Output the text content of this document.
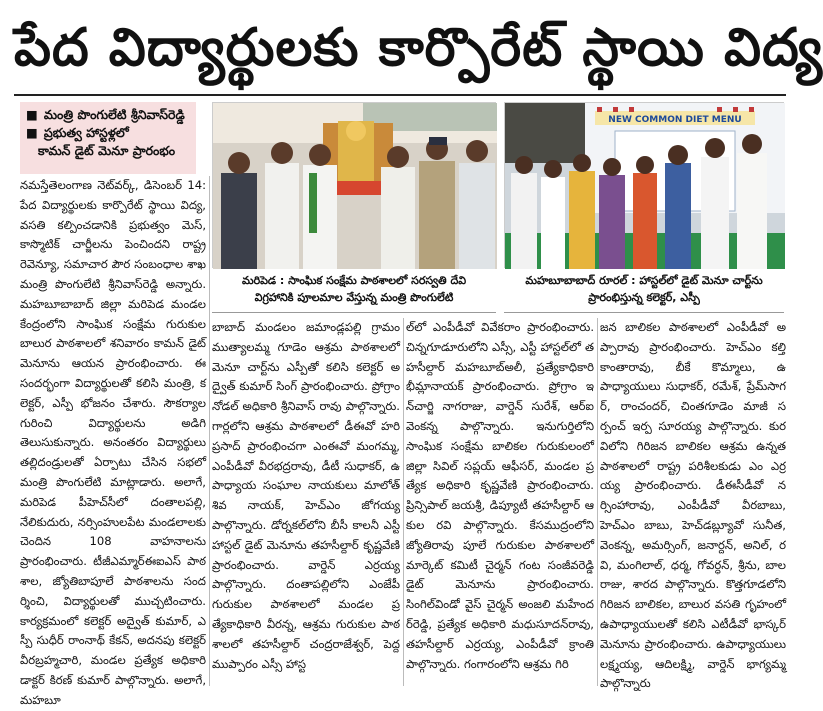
పేద విద్యార్థులకు కార్పొరేట్ స్థాయి విద్య
■ మంత్రి పొంగులేటి శ్రీనివాస్‌రెడ్డి
■ ప్రభుత్వ హాస్టళ్లలో
కామన్ డైట్ మెనూ ప్రారంభం
మరిపెడ : సాంఘిక సంక్షేమ పాఠశాలలో సరస్వతి దేవి
విగ్రహానికి పూలమాల వేస్తున్న మంత్రి పొంగులేటి
NEW COMMON DIET MENU
మహబూబాబాద్ రూరల్ : హాస్టల్‌లో డైట్ మెనూ చార్ట్‌ను
ప్రారంభిస్తున్న కలెక్టర్, ఎస్పీ
నమస్తేతెలంగాణ నెట్‌వర్క్, డిసెంబర్ 14: పేద విద్యార్థులకు కార్పొరేట్ స్థాయి విద్య, వసతి కల్పించడానికి ప్రభుత్వం మెస్, కాస్మొటిక్ చార్జీలను పెంచిందని రాష్ట్ర రెవెన్యూ, సమాచార పౌర సంబంధాల శాఖ మంత్రి పొంగులేటి శ్రీనివాస్‌రెడ్డి అన్నారు. మహబూబాబాద్ జిల్లా మరిపెడ మండల కేంద్రంలోని సాంఘిక సంక్షేమ గురుకుల బాలుర పాఠశాలలో శనివారం కామన్ డైట్ మెనూను ఆయన ప్రారంభించారు. ఈ సందర్భంగా విద్యార్థులతో కలిసి మంత్రి, కలెక్టర్, ఎస్పీ భోజనం చేశారు. సౌకర్యాల గురించి విద్యార్థులను అడిగి తెలుసుకున్నారు. అనంతరం విద్యార్థులు తల్లిదండ్రులతో ఏర్పాటు చేసిన సభలో మంత్రి పొంగులేటి మాట్లాడారు. అలాగే, మరిపెడ పీహెచ్‌సీలో దంతాలపల్లి, నేలికుదురు, నర్సింహులపేట మండలాలకు చెందిన 108 వాహనాలను ప్రారంభించారు. టీజీఎమ్మార్ఈఐఎస్ పాఠశాల, జ్యోతిబాపూలే పాఠశాలను సందర్శించి, విద్యార్థులతో ముచ్చటించారు. కార్యక్రమంలో కలెక్టర్ అద్వైత్ కుమార్, ఎస్పీ సుధీర్ రాంనాథ్ కేకన్, అదనపు కలెక్టర్ వీరబ్రహ్మచారి, మండల ప్రత్యేక అధికారి డాక్టర్ కిరణ్ కుమార్ పాల్గొన్నారు. అలాగే, మహబూ
బాబాద్ మండలం జమాండ్లపల్లి గ్రామం ముత్యాలమ్మ గూడెం ఆశ్రమ పాఠశాలలో మెనూ చార్ట్‌ను ఎస్పీతో కలిసి కలెక్టర్ అద్వైత్ కుమార్ సింగ్ ప్రారంభించారు. ప్రోగ్రాం నోడల్ అధికారి శ్రీనివాస్ రావు పాల్గొన్నారు. గార్లలోని ఆశ్రమ పాఠశాలలో డీఈవో హరి ప్రసాద్ ప్రారంభించగా ఎంఈవో మంగమ్మ, ఎంపీడీవో వీరభద్రరావు, డీటీ సుధాకర్, ఉపాధ్యాయ సంఘాల నాయకులు మాలోత్ శివ నాయక్, హెచ్‌ఎం జోగయ్య పాల్గొన్నారు. డోర్నకల్‌లోని బీసీ కాలనీ ఎస్టీ హాస్టల్ డైట్ మెనూను తహసీల్దార్ కృష్ణవేణి ప్రారంభించారు. వార్డెన్ ఎర్రయ్య పాల్గొన్నారు. దంతాపల్లిలోని ఎంజేపీ గురుకుల పాఠశాలలో మండల ప్రత్యేకాధికారి వీరన్న, ఆశ్రమ గురుకుల పాఠశాలలో తహసీల్దార్ చంద్రరాజేశ్వర్, పెద్దముప్పారం ఎస్సీ హాస్ట
ల్‌లో ఎంపీడీవో వివేకరాం ప్రారంభించారు. చిన్నగూడూరులోని ఎస్సీ, ఎస్టీ హాస్టల్‌లో తహసీల్దార్ మహబూబ్‌అలీ, ప్రత్యేకాధికారి భీమ్లానాయక్ ప్రారంభించారు. ప్రోగ్రాం ఇన్‌చార్జి నాగరాజు, వార్డెన్ సురేశ్, ఆర్‌ఐ వెంకన్న పాల్గొన్నారు. ఇనుగుర్తిలోని సాంఘిక సంక్షేమ బాలికల గురుకులంలో జిల్లా సివిల్ సప్లయ్ ఆఫీసర్, మండల ప్రత్యేక అధికారి కృష్ణవేణి ప్రారంభించారు. ప్రిన్సిపాల్ జయశ్రీ, డిప్యూటీ తహసీల్దార్ ఆకుల రవి పాల్గొన్నారు. కేసముద్రంలోని జ్యోతిరావు పూలే గురుకుల పాఠశాలలో మార్కెట్ కమిటీ చైర్మన్ గంట సంజీవరెడ్డి డైట్ మెనూను ప్రారంభించారు. సింగిల్‌విండో వైస్ చైర్మన్ అంజలి మహేందర్‌రెడ్డి, ప్రత్యేక అధికారి మధుసూదన్‌రావు, తహసీల్దార్ ఎర్రయ్య, ఎంపీడీవో క్రాంతి పాల్గొన్నారు. గంగారంలోని ఆశ్రమ గిరి
జన బాలికల పాఠశాలలో ఎంపీడీవో అప్పారావు ప్రారంభించారు. హెచ్‌ఎం కల్తి కాంతారావు, బీకే కొమ్మాలు, ఉపాధ్యాయులు సుధాకర్, రమేశ్, ప్రేమ్‌సాగర్, రాంచందర్, చింతగూడెం మాజీ సర్పంచ్ ఇర్ప సూరయ్య పాల్గొన్నారు. కురవిలోని గిరిజన బాలికల ఆశ్రమ ఉన్నత పాఠశాలలో రాష్ట్ర పరిశీలకుడు ఎం ఎర్రయ్య ప్రారంభించారు. డీఈసీడీవో నర్సింహారావు, ఎంపీడీవో వీరబాబు, హెచ్‌ఎం బాబు, హెచ్‌డబ్ల్యూవో సునీత, వెంకన్న, అమర్సింగ్, జనార్దన్, అనిల్, రవి, మంగిలాల్, ధర్మ, గోవర్ధన్, శ్రీను, బాలరాజు, శారద పాల్గొన్నారు. కొత్తగూడలోని గిరిజన బాలికల, బాలుర వసతి గృహంలో ఉపాధ్యాయులతో కలిసి ఎటీడీవో భాస్కర్ మెనూను ప్రారంభించారు. ఉపాధ్యాయులు లక్ష్మయ్య, ఆదిలక్ష్మి, వార్డెన్ భాగ్యమ్మ పాల్గొన్నారు
